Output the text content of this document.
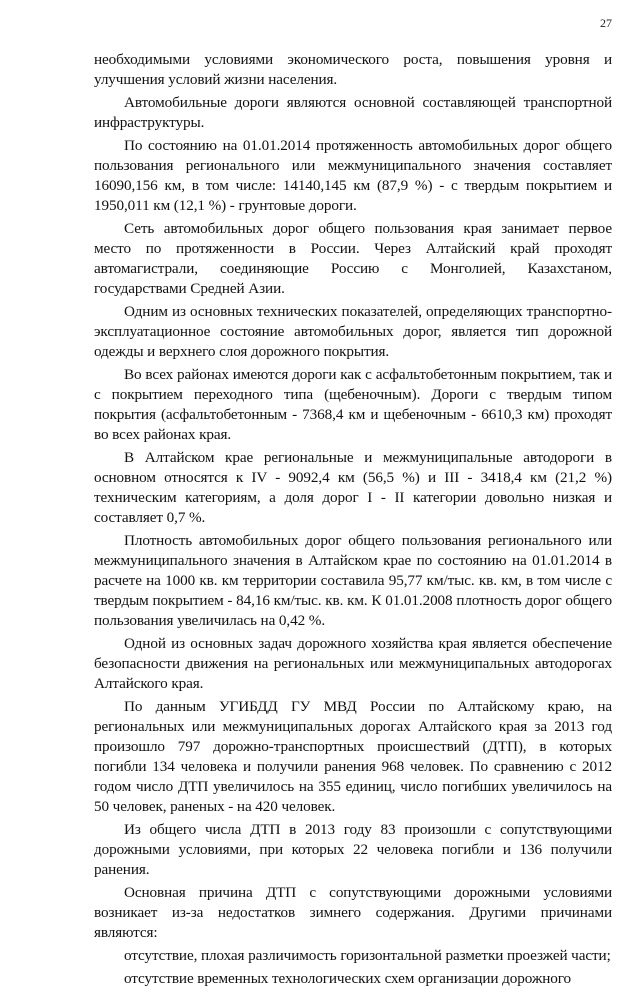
27

необходимыми условиями экономического роста, повышения уровня и улучшения условий жизни населения.

Автомобильные дороги являются основной составляющей транспортной инфраструктуры.

По состоянию на 01.01.2014 протяженность автомобильных дорог общего пользования регионального или межмуниципального значения составляет 16090,156 км, в том числе: 14140,145 км (87,9 %) - с твердым покрытием и 1950,011 км (12,1 %) - грунтовые дороги.

Сеть автомобильных дорог общего пользования края занимает первое место по протяженности в России. Через Алтайский край проходят автомагистрали, соединяющие Россию с Монголией, Казахстаном, государствами Средней Азии.

Одним из основных технических показателей, определяющих транспортно-эксплуатационное состояние автомобильных дорог, является тип дорожной одежды и верхнего слоя дорожного покрытия.

Во всех районах имеются дороги как с асфальтобетонным покрытием, так и с покрытием переходного типа (щебеночным). Дороги с твердым типом покрытия (асфальтобетонным - 7368,4 км и щебеночным - 6610,3 км) проходят во всех районах края.

В Алтайском крае региональные и межмуниципальные автодороги в основном относятся к IV - 9092,4 км (56,5 %) и III - 3418,4 км (21,2 %) техническим категориям, а доля дорог I - II категории довольно низкая и составляет 0,7 %.

Плотность автомобильных дорог общего пользования регионального или межмуниципального значения в Алтайском крае по состоянию на 01.01.2014 в расчете на 1000 кв. км территории составила 95,77 км/тыс. кв. км, в том числе с твердым покрытием - 84,16 км/тыс. кв. км. К 01.01.2008 плотность дорог общего пользования увеличилась на 0,42 %.

Одной из основных задач дорожного хозяйства края является обеспечение безопасности движения на региональных или межмуниципальных автодорогах Алтайского края.

По данным УГИБДД ГУ МВД России по Алтайскому краю, на региональных или межмуниципальных дорогах Алтайского края за 2013 год произошло 797 дорожно-транспортных происшествий (ДТП), в которых погибли 134 человека и получили ранения 968 человек. По сравнению с 2012 годом число ДТП увеличилось на 355 единиц, число погибших увеличилось на 50 человек, раненых - на 420 человек.

Из общего числа ДТП в 2013 году 83 произошли с сопутствующими дорожными условиями, при которых 22 человека погибли и 136 получили ранения.

Основная причина ДТП с сопутствующими дорожными условиями возникает из-за недостатков зимнего содержания. Другими причинами являются:

отсутствие, плохая различимость горизонтальной разметки проезжей части;

отсутствие временных технологических схем организации дорожного
